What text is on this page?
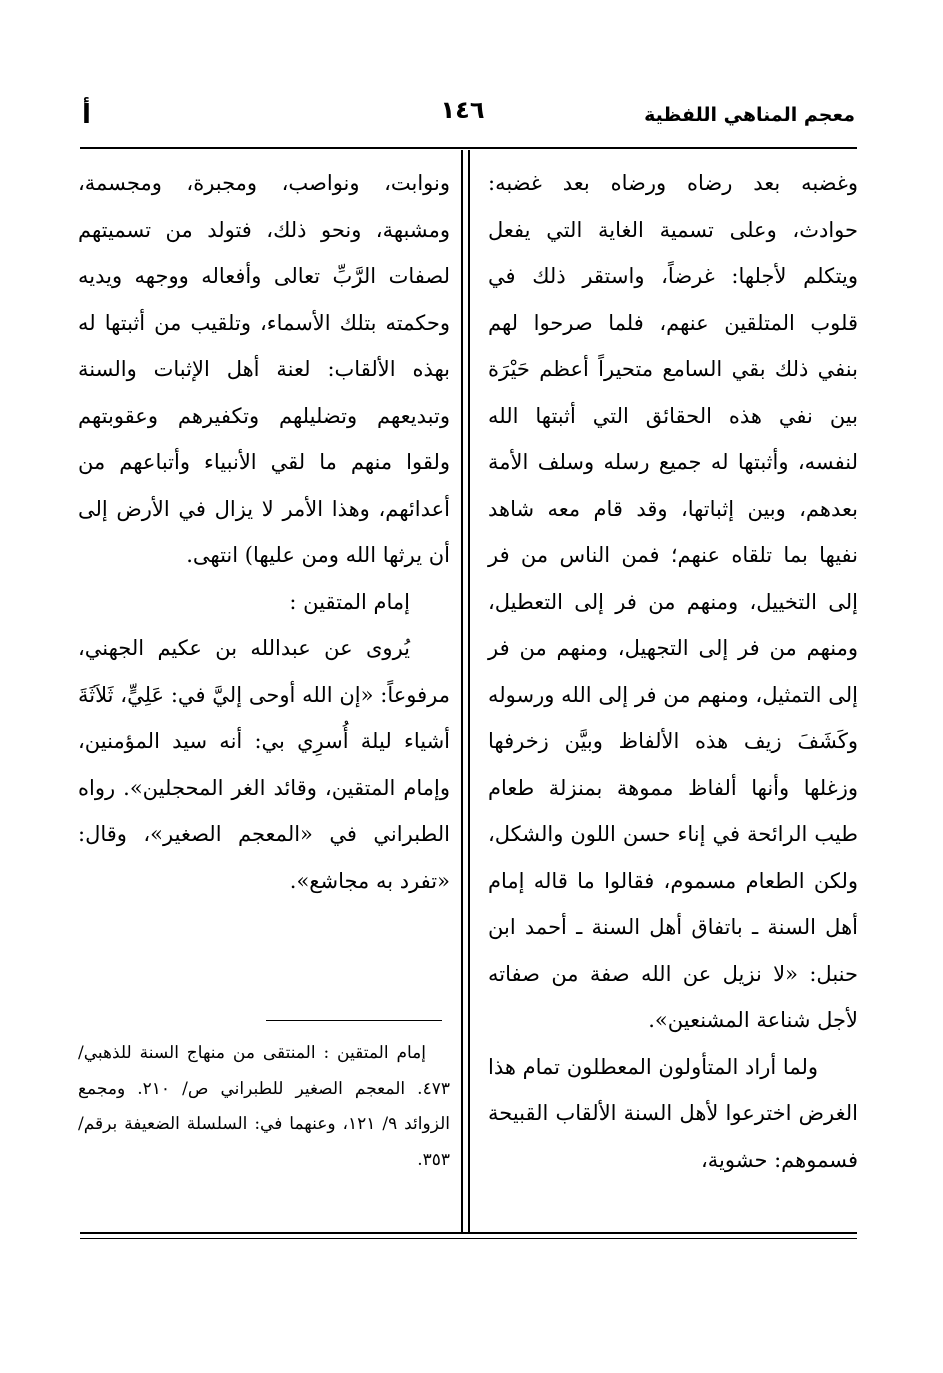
معجم المناهي اللفظية
١٤٦
أ

وغضبه بعد رضاه ورضاه بعد غضبه: حوادث، وعلى تسمية الغاية التي يفعل ويتكلم لأجلها: غرضاً، واستقر ذلك في قلوب المتلقين عنهم، فلما صرحوا لهم بنفي ذلك بقي السامع متحيراً أعظم حَيْرَة بين نفي هذه الحقائق التي أثبتها الله لنفسه، وأثبتها له جميع رسله وسلف الأمة بعدهم، وبين إثباتها، وقد قام معه شاهد نفيها بما تلقاه عنهم؛ فمن الناس من فر إلى التخييل، ومنهم من فر إلى التعطيل، ومنهم من فر إلى التجهيل، ومنهم من فر إلى التمثيل، ومنهم من فر إلى الله ورسوله وكَشَفَ زيف هذه الألفاظ وبيَّن زخرفها وزغلها وأنها ألفاظ مموهة بمنزلة طعام طيب الرائحة في إناء حسن اللون والشكل، ولكن الطعام مسموم، فقالوا ما قاله إمام أهل السنة ـ باتفاق أهل السنة ـ أحمد ابن حنبل: «لا نزيل عن الله صفة من صفاته لأجل شناعة المشنعين».

ولما أراد المتأولون المعطلون تمام هذا الغرض اخترعوا لأهل السنة الألقاب القبيحة فسموهم: حشوية،

ونوابت، ونواصب، ومجبرة، ومجسمة، ومشبهة، ونحو ذلك، فتولد من تسميتهم لصفات الرَّبِّ تعالى وأفعاله ووجهه ويديه وحكمته بتلك الأسماء، وتلقيب من أثبتها له بهذه الألقاب: لعنة أهل الإثبات والسنة وتبديعهم وتضليلهم وتكفيرهم وعقوبتهم ولقوا منهم ما لقي الأنبياء وأتباعهم من أعدائهم، وهذا الأمر لا يزال في الأرض إلى أن يرثها الله ومن عليها) انتهى.

إمام المتقين :

يُروى عن عبدالله بن عكيم الجهني، مرفوعاً: «إن الله أوحى إليَّ في: عَلِيٍّ، ثَلاَثَةَ أشياء ليلة أُسرِي بي: أنه سيد المؤمنين، وإمام المتقين، وقائد الغر المحجلين». رواه الطبراني في «المعجم الصغير»، وقال: «تفرد به مجاشع».

إمام المتقين : المنتقى من منهاج السنة للذهبي/ ٤٧٣. المعجم الصغير للطبراني ص/ ٢١٠. ومجمع الزوائد ٩/ ١٢١، وعنهما في: السلسلة الضعيفة برقم/ ٣٥٣.
